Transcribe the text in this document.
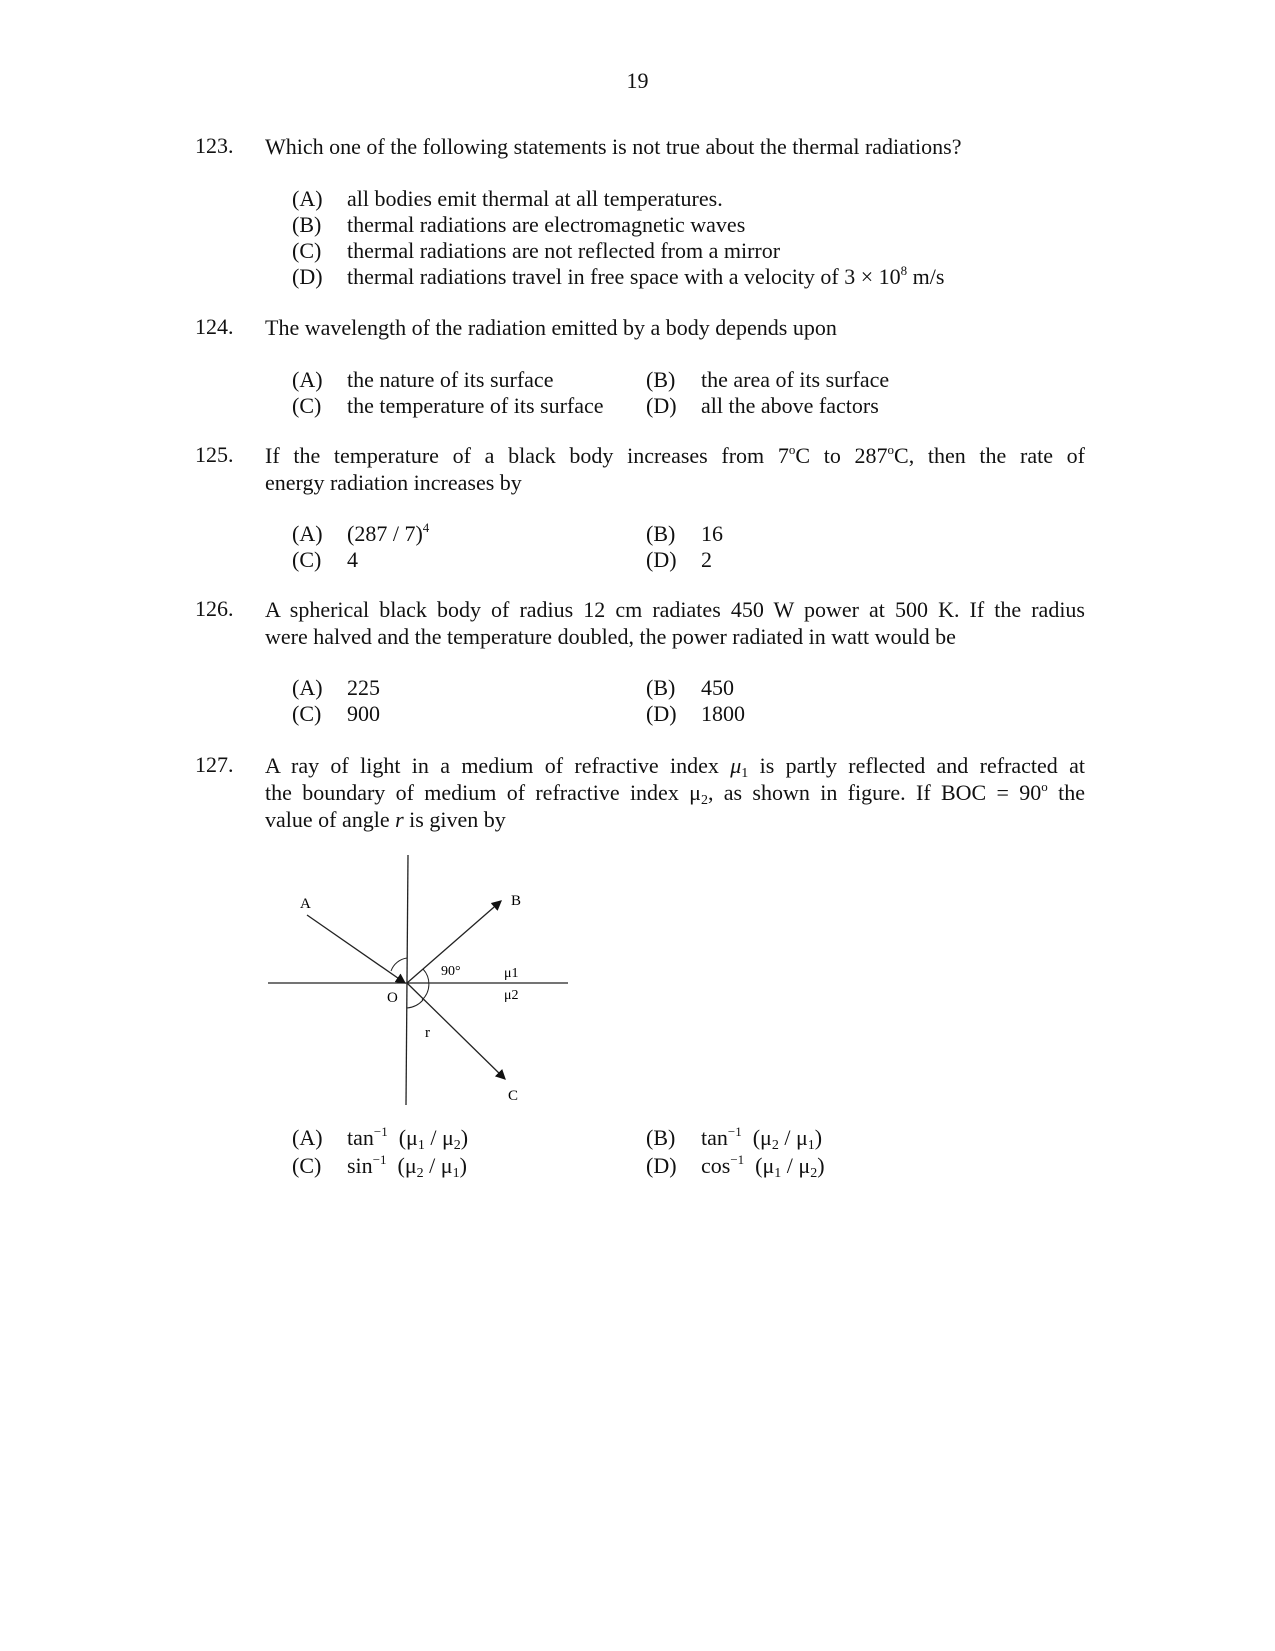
19
123. Which one of the following statements is not true about the thermal radiations?
(A) all bodies emit thermal at all temperatures.
(B) thermal radiations are electromagnetic waves
(C) thermal radiations are not reflected from a mirror
(D) thermal radiations travel in free space with a velocity of $3 \times 10^8$ m/s
124. The wavelength of the radiation emitted by a body depends upon
(A) the nature of its surface	(B) the area of its surface
(C) the temperature of its surface (D) all the above factors
125. If the temperature of a black body increases from 7$^o$C to 287$^o$C, then the rate of
energy radiation increases by
(A) (287 / 7)$^4$	(B) 16
(C) 4	(D) 2
126. A spherical black body of radius 12 cm radiates 450 W power at 500 K. If the radius
were halved and the temperature doubled, the power radiated in watt would be
(A) 225	(B) 450
(C) 900	(D) 1800
127. A ray of light in a medium of refractive index $\mu_1$ is partly reflected and refracted at
the boundary of medium of refractive index $\mu_2$, as shown in figure. If BOC = $90^o$ the
value of angle r is given by
A	B
C
O
r
90°	μ1
μ2
(A) $\tan^{-1} (\mu_1 / \mu_2)$	(B) $\tan^{-1} (\mu_2 / \mu_1)$
(C) $\sin^{-1} (\mu_2 / \mu_1)$	(D) $\cos^{-1} (\mu_1 / \mu_2)$
